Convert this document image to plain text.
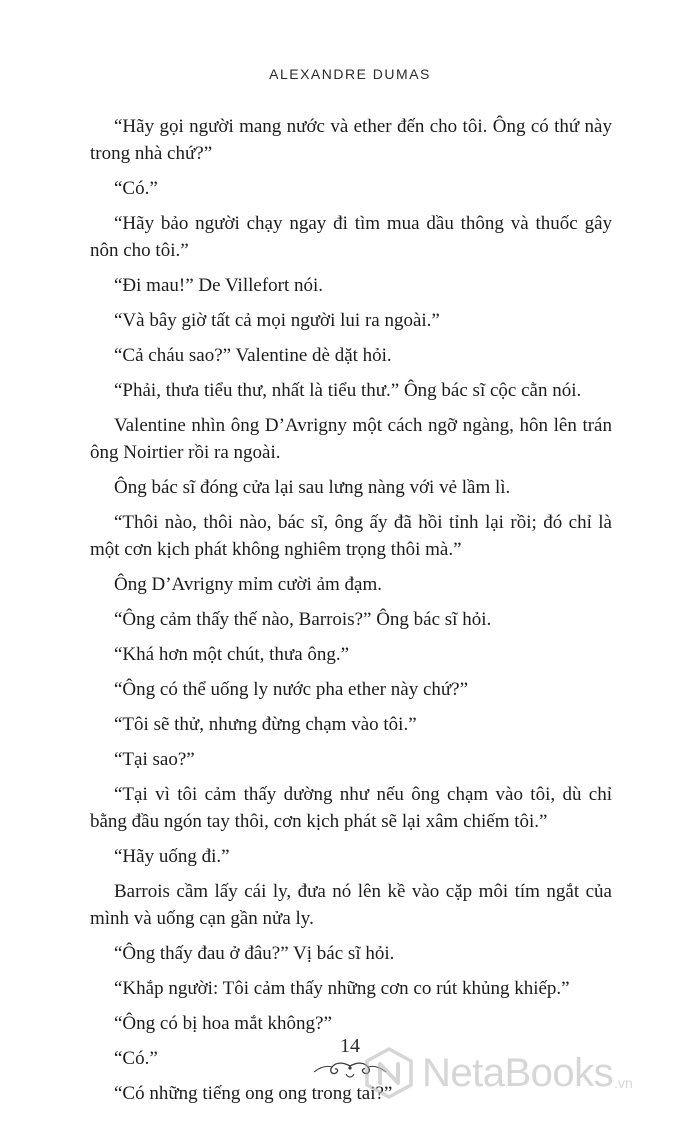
ALEXANDRE DUMAS

“Hãy gọi người mang nước và ether đến cho tôi. Ông có thứ này trong nhà chứ?”

“Có.”

“Hãy bảo người chạy ngay đi tìm mua dầu thông và thuốc gây nôn cho tôi.”

“Đi mau!” De Villefort nói.

“Và bây giờ tất cả mọi người lui ra ngoài.”

“Cả cháu sao?” Valentine dè dặt hỏi.

“Phải, thưa tiểu thư, nhất là tiểu thư.” Ông bác sĩ cộc cằn nói.

Valentine nhìn ông D’Avrigny một cách ngỡ ngàng, hôn lên trán ông Noirtier rồi ra ngoài.

Ông bác sĩ đóng cửa lại sau lưng nàng với vẻ lầm lì.

“Thôi nào, thôi nào, bác sĩ, ông ấy đã hồi tỉnh lại rồi; đó chỉ là một cơn kịch phát không nghiêm trọng thôi mà.”

Ông D’Avrigny mỉm cười ảm đạm.

“Ông cảm thấy thế nào, Barrois?” Ông bác sĩ hỏi.

“Khá hơn một chút, thưa ông.”

“Ông có thể uống ly nước pha ether này chứ?”

“Tôi sẽ thử, nhưng đừng chạm vào tôi.”

“Tại sao?”

“Tại vì tôi cảm thấy dường như nếu ông chạm vào tôi, dù chỉ bằng đầu ngón tay thôi, cơn kịch phát sẽ lại xâm chiếm tôi.”

“Hãy uống đi.”

Barrois cầm lấy cái ly, đưa nó lên kề vào cặp môi tím ngắt của mình và uống cạn gần nửa ly.

“Ông thấy đau ở đâu?” Vị bác sĩ hỏi.

“Khắp người: Tôi cảm thấy những cơn co rút khủng khiếp.”

“Ông có bị hoa mắt không?”

“Có.”

“Có những tiếng ong ong trong tai?”

14
NetaBooks .vn
